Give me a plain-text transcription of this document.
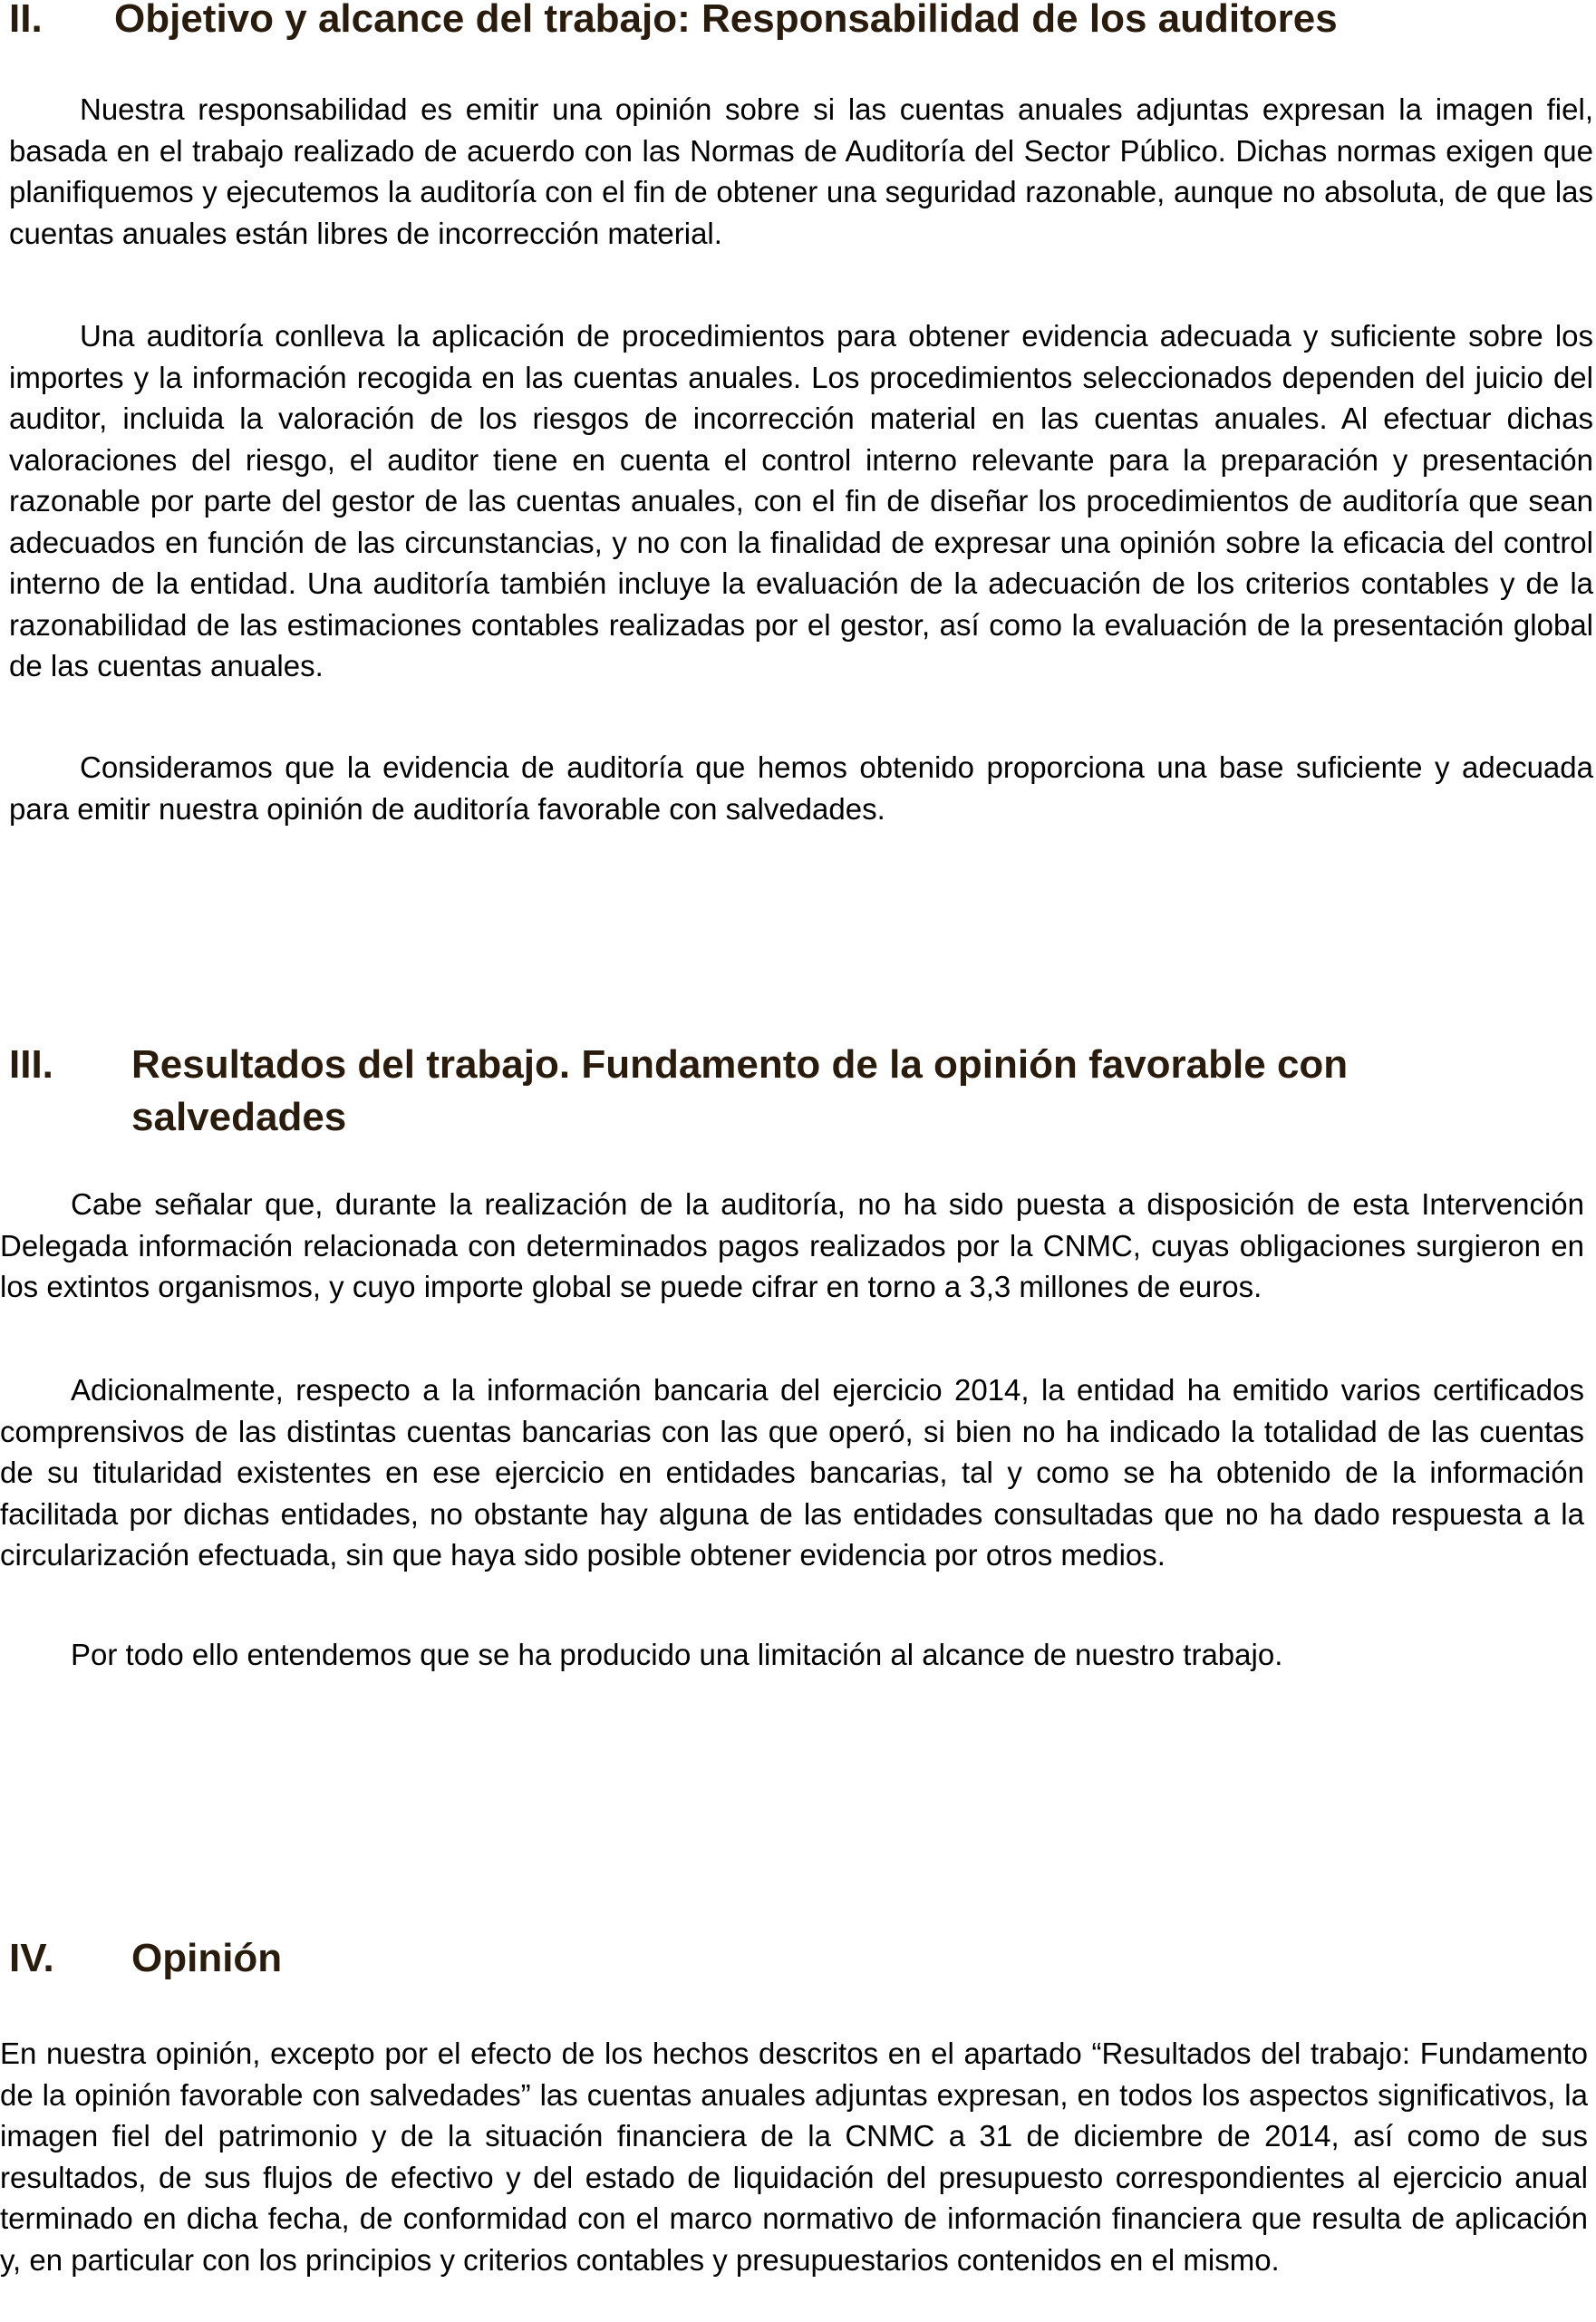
II. Objetivo y alcance del trabajo: Responsabilidad de los auditores

Nuestra responsabilidad es emitir una opinión sobre si las cuentas anuales adjuntas expresan la imagen fiel, basada en el trabajo realizado de acuerdo con las Normas de Auditoría del Sector Público. Dichas normas exigen que planifiquemos y ejecutemos la auditoría con el fin de obtener una seguridad razonable, aunque no absoluta, de que las cuentas anuales están libres de incorrección material.

Una auditoría conlleva la aplicación de procedimientos para obtener evidencia adecuada y suficiente sobre los importes y la información recogida en las cuentas anuales. Los procedimientos seleccionados dependen del juicio del auditor, incluida la valoración de los riesgos de incorrección material en las cuentas anuales. Al efectuar dichas valoraciones del riesgo, el auditor tiene en cuenta el control interno relevante para la preparación y presentación razonable por parte del gestor de las cuentas anuales, con el fin de diseñar los procedimientos de auditoría que sean adecuados en función de las circunstancias, y no con la finalidad de expresar una opinión sobre la eficacia del control interno de la entidad. Una auditoría también incluye la evaluación de la adecuación de los criterios contables y de la razonabilidad de las estimaciones contables realizadas por el gestor, así como la evaluación de la presentación global de las cuentas anuales.

Consideramos que la evidencia de auditoría que hemos obtenido proporciona una base suficiente y adecuada para emitir nuestra opinión de auditoría favorable con salvedades.

III. Resultados del trabajo. Fundamento de la opinión favorable con salvedades

Cabe señalar que, durante la realización de la auditoría, no ha sido puesta a disposición de esta Intervención Delegada información relacionada con determinados pagos realizados por la CNMC, cuyas obligaciones surgieron en los extintos organismos, y cuyo importe global se puede cifrar en torno a 3,3 millones de euros.

Adicionalmente, respecto a la información bancaria del ejercicio 2014, la entidad ha emitido varios certificados comprensivos de las distintas cuentas bancarias con las que operó, si bien no ha indicado la totalidad de las cuentas de su titularidad existentes en ese ejercicio en entidades bancarias, tal y como se ha obtenido de la información facilitada por dichas entidades, no obstante hay alguna de las entidades consultadas que no ha dado respuesta a la circularización efectuada, sin que haya sido posible obtener evidencia por otros medios.

Por todo ello entendemos que se ha producido una limitación al alcance de nuestro trabajo.

IV. Opinión

En nuestra opinión, excepto por el efecto de los hechos descritos en el apartado “Resultados del trabajo: Fundamento de la opinión favorable con salvedades” las cuentas anuales adjuntas expresan, en todos los aspectos significativos, la imagen fiel del patrimonio y de la situación financiera de la CNMC a 31 de diciembre de 2014, así como de sus resultados, de sus flujos de efectivo y del estado de liquidación del presupuesto correspondientes al ejercicio anual terminado en dicha fecha, de conformidad con el marco normativo de información financiera que resulta de aplicación y, en particular con los principios y criterios contables y presupuestarios contenidos en el mismo.
